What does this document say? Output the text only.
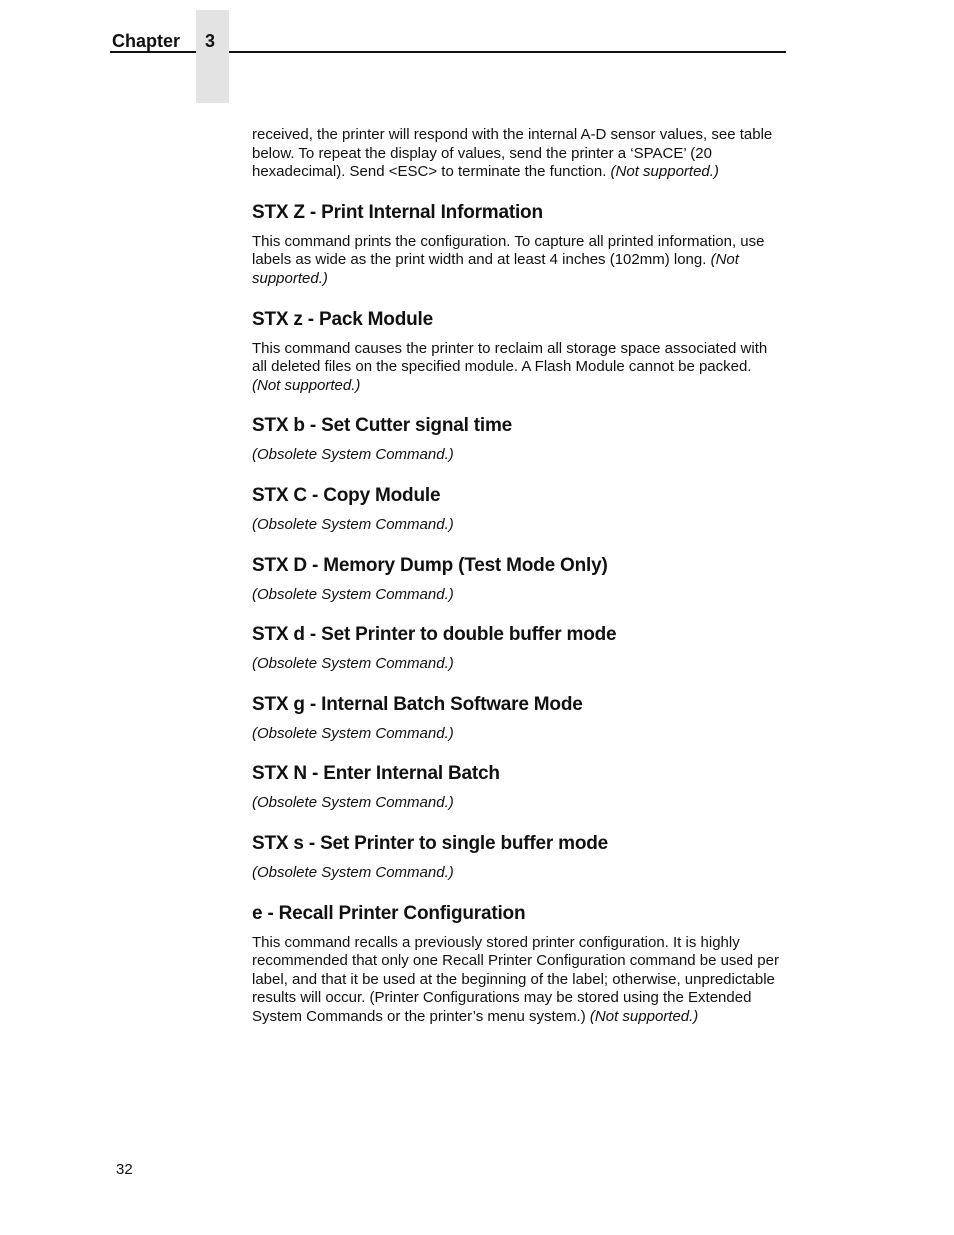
Chapter 3

received, the printer will respond with the internal A-D sensor values, see table below. To repeat the display of values, send the printer a ‘SPACE’ (20 hexadecimal). Send <ESC> to terminate the function. (Not supported.)

STX Z - Print Internal Information

This command prints the configuration. To capture all printed information, use labels as wide as the print width and at least 4 inches (102mm) long. (Not supported.)

STX z - Pack Module

This command causes the printer to reclaim all storage space associated with all deleted files on the specified module. A Flash Module cannot be packed.
(Not supported.)

STX b - Set Cutter signal time

(Obsolete System Command.)

STX C - Copy Module

(Obsolete System Command.)

STX D - Memory Dump (Test Mode Only)

(Obsolete System Command.)

STX d - Set Printer to double buffer mode

(Obsolete System Command.)

STX g - Internal Batch Software Mode

(Obsolete System Command.)

STX N - Enter Internal Batch

(Obsolete System Command.)

STX s - Set Printer to single buffer mode

(Obsolete System Command.)

e - Recall Printer Configuration

This command recalls a previously stored printer configuration. It is highly recommended that only one Recall Printer Configuration command be used per label, and that it be used at the beginning of the label; otherwise, unpredictable results will occur. (Printer Configurations may be stored using the Extended System Commands or the printer’s menu system.) (Not supported.)

32
